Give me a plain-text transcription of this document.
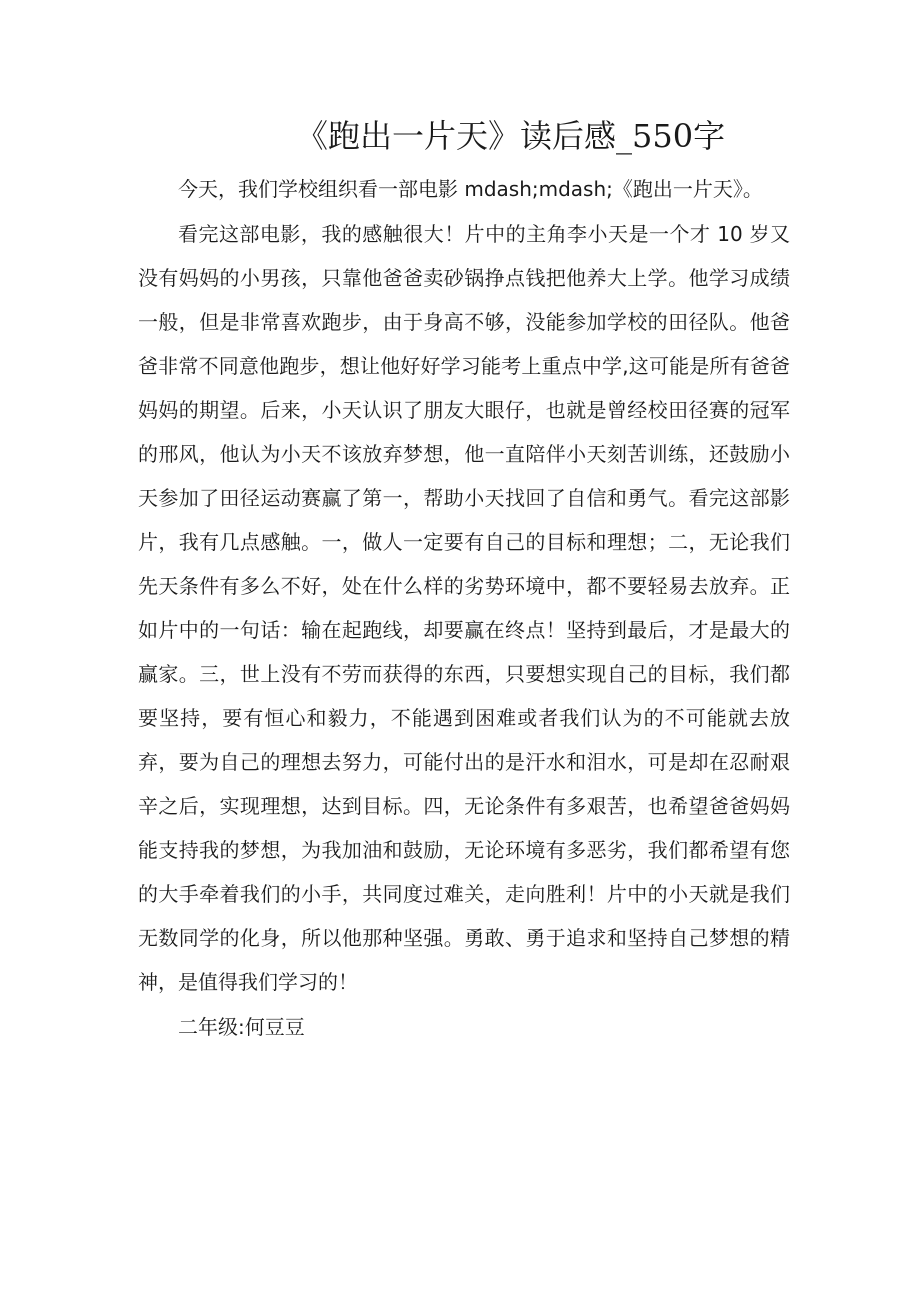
《跑出一片天》读后感_550字

今天，我们学校组织看一部电影 mdash;mdash;《跑出一片天》。

看完这部电影，我的感触很大！片中的主角李小天是一个才 10 岁又没有妈妈的小男孩，只靠他爸爸卖砂锅挣点钱把他养大上学。他学习成绩一般，但是非常喜欢跑步，由于身高不够，没能参加学校的田径队。他爸爸非常不同意他跑步，想让他好好学习能考上重点中学,这可能是所有爸爸妈妈的期望。后来，小天认识了朋友大眼仔，也就是曾经校田径赛的冠军的邢风，他认为小天不该放弃梦想，他一直陪伴小天刻苦训练，还鼓励小天参加了田径运动赛赢了第一，帮助小天找回了自信和勇气。看完这部影片，我有几点感触。一，做人一定要有自己的目标和理想；二，无论我们先天条件有多么不好，处在什么样的劣势环境中，都不要轻易去放弃。正如片中的一句话：输在起跑线，却要赢在终点！坚持到最后，才是最大的赢家。三，世上没有不劳而获得的东西，只要想实现自己的目标，我们都要坚持，要有恒心和毅力，不能遇到困难或者我们认为的不可能就去放弃，要为自己的理想去努力，可能付出的是汗水和泪水，可是却在忍耐艰辛之后，实现理想，达到目标。四，无论条件有多艰苦，也希望爸爸妈妈能支持我的梦想，为我加油和鼓励，无论环境有多恶劣，我们都希望有您的大手牵着我们的小手，共同度过难关，走向胜利！片中的小天就是我们无数同学的化身，所以他那种坚强。勇敢、勇于追求和坚持自己梦想的精神，是值得我们学习的！

二年级:何豆豆
